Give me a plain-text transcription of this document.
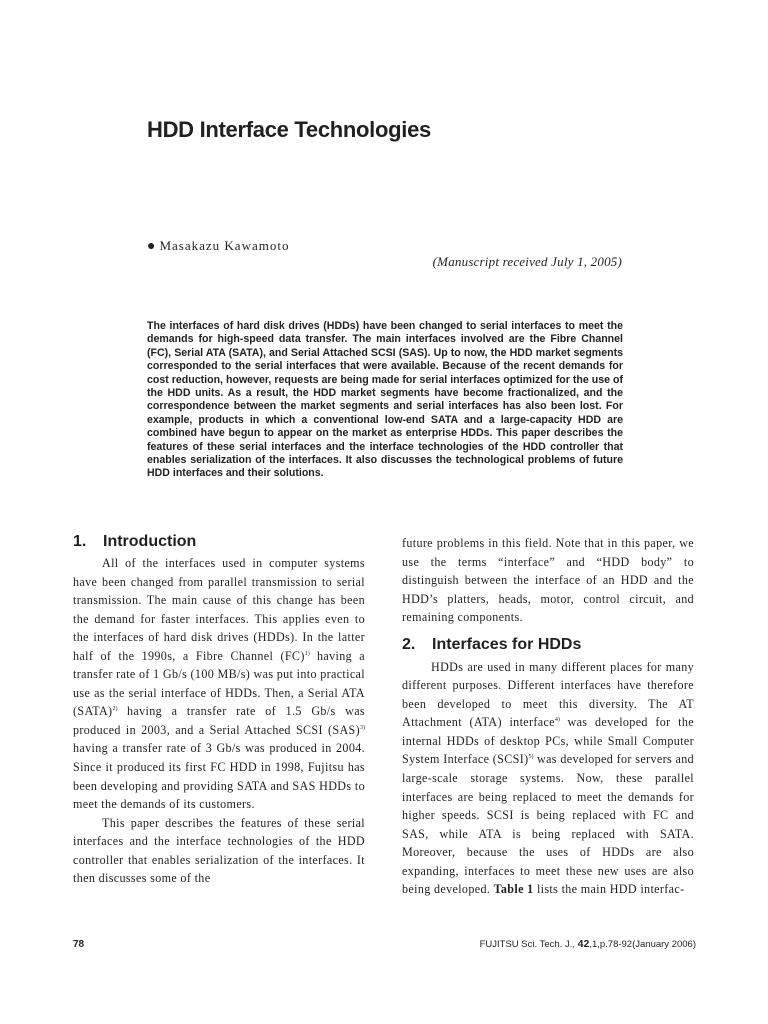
HDD Interface Technologies
● Masakazu Kawamoto
(Manuscript received July 1, 2005)

The interfaces of hard disk drives (HDDs) have been changed to serial interfaces to meet the demands for high-speed data transfer. The main interfaces involved are the Fibre Channel (FC), Serial ATA (SATA), and Serial Attached SCSI (SAS). Up to now, the HDD market segments corresponded to the serial interfaces that were available. Because of the recent demands for cost reduction, however, requests are being made for serial interfaces optimized for the use of the HDD units. As a result, the HDD market segments have become fractionalized, and the correspondence between the market segments and serial interfaces has also been lost. For example, products in which a conventional low-end SATA and a large-capacity HDD are combined have begun to appear on the market as enterprise HDDs. This paper describes the features of these serial interfaces and the interface technologies of the HDD controller that enables serialization of the interfaces. It also discusses the technological problems of future HDD interfaces and their solutions.

1. Introduction

All of the interfaces used in computer systems have been changed from parallel transmission to serial transmission. The main cause of this change has been the demand for faster interfaces. This applies even to the interfaces of hard disk drives (HDDs). In the latter half of the 1990s, a Fibre Channel (FC)$^{1)}$ having a transfer rate of 1 Gb/s (100 MB/s) was put into practical use as the serial interface of HDDs. Then, a Serial ATA (SATA)$^{2)}$ having a transfer rate of 1.5 Gb/s was produced in 2003, and a Serial Attached SCSI (SAS)$^{3)}$ having a transfer rate of 3 Gb/s was produced in 2004. Since it produced its first FC HDD in 1998, Fujitsu has been developing and providing SATA and SAS HDDs to meet the demands of its customers.

This paper describes the features of these serial interfaces and the interface technologies of the HDD controller that enables serialization of the interfaces. It then discusses some of the

future problems in this field. Note that in this paper, we use the terms “interface” and “HDD body” to distinguish between the interface of an HDD and the HDD’s platters, heads, motor, control circuit, and remaining components.

2. Interfaces for HDDs

HDDs are used in many different places for many different purposes. Different interfaces have therefore been developed to meet this diversity. The AT Attachment (ATA) interface$^{4)}$ was developed for the internal HDDs of desktop PCs, while Small Computer System Interface (SCSI)$^{5)}$ was developed for servers and large-scale storage systems. Now, these parallel interfaces are being replaced to meet the demands for higher speeds. SCSI is being replaced with FC and SAS, while ATA is being replaced with SATA. Moreover, because the uses of HDDs are also expanding, interfaces to meet these new uses are also being developed. Table 1 lists the main HDD interfac-

78	FUJITSU Sci. Tech. J., 42,1,p.78-92(January 2006)
